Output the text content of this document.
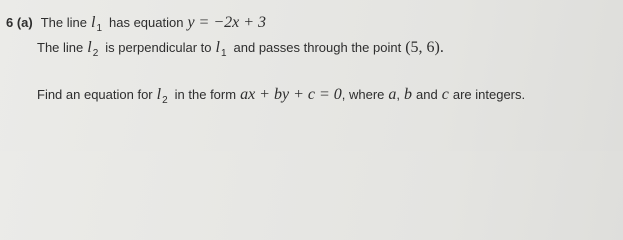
6 (a) The line l 1 has equation y = −2x + 3
The line l 2 is perpendicular to l 1 and passes through the point (5, 6).
Find an equation for l 2 in the form ax + by + c = 0 , where a , b and c are integers.
